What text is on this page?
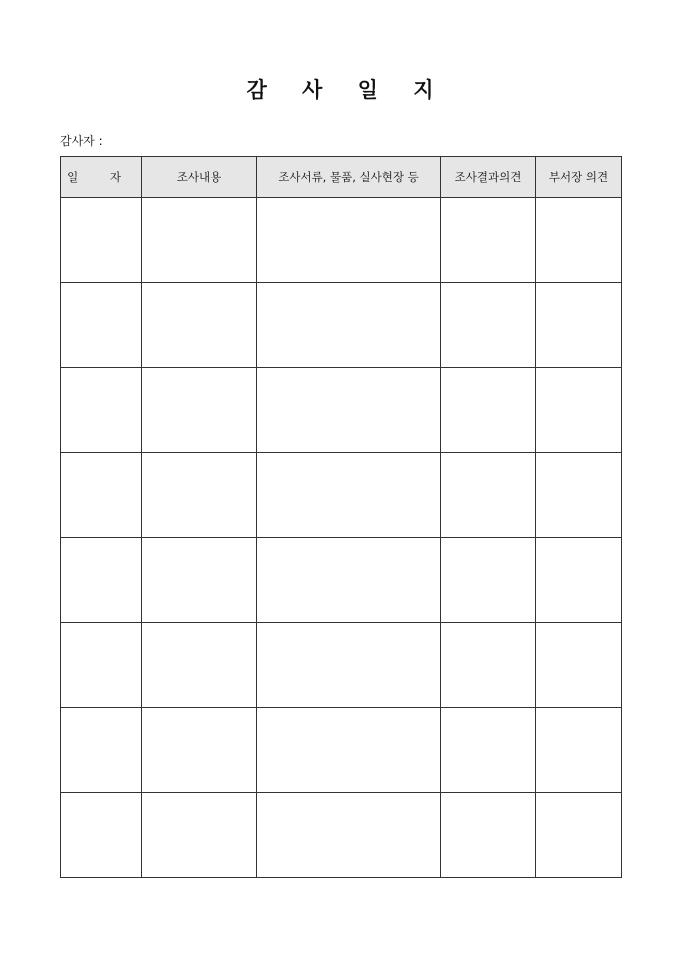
감 사 일 지
감사자 :
일 자	조사내용	조사서류, 물품, 실사현장 등	조사결과의견	부서장 의견
